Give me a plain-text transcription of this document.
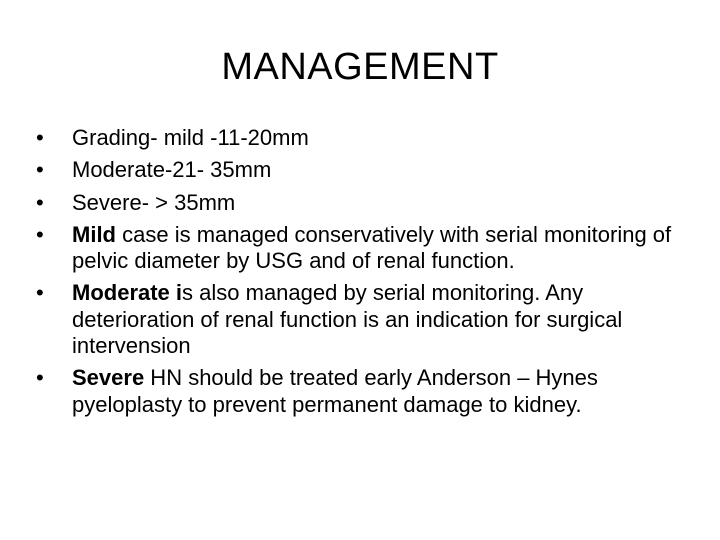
MANAGEMENT
•	Grading- mild -11-20mm
•	Moderate-21- 35mm
•	Severe- > 35mm
•	Mild case is managed conservatively with serial monitoring of pelvic diameter by USG and of renal function.
•	Moderate is also managed by serial monitoring. Any deterioration of renal function is an indication for surgical intervension
•	Severe HN should be treated early Anderson – Hynes pyeloplasty to prevent permanent damage to kidney.
